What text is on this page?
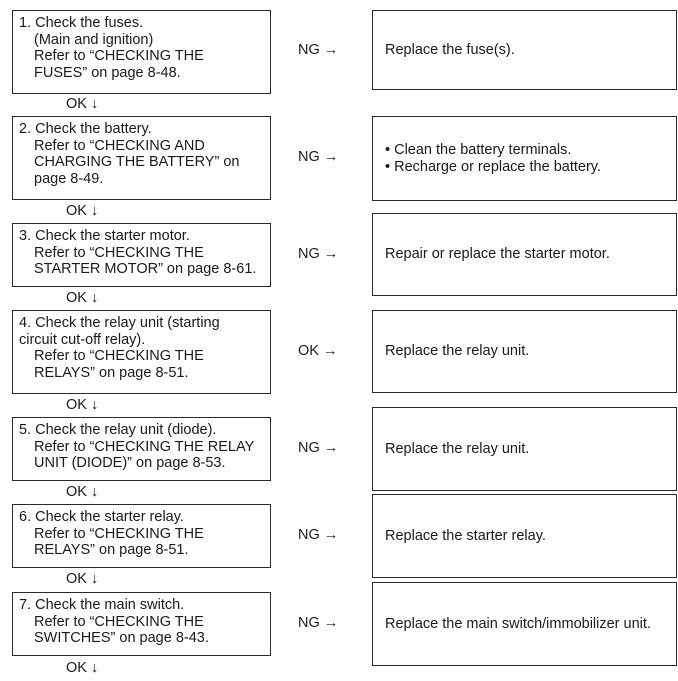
1. Check the fuses.
(Main and ignition)
Refer to “CHECKING THE
FUSES” on page 8-48.
NG →	Replace the fuse(s).
OK ↓
2. Check the battery.
Refer to “CHECKING AND
CHARGING THE BATTERY” on
page 8-49.
NG →	• Clean the battery terminals.
• Recharge or replace the battery.
OK ↓
3. Check the starter motor.
Refer to “CHECKING THE
STARTER MOTOR” on page 8-61.
NG →	Repair or replace the starter motor.
OK ↓
4. Check the relay unit (starting
circuit cut-off relay).
Refer to “CHECKING THE
RELAYS” on page 8-51.
OK →	Replace the relay unit.
OK ↓
5. Check the relay unit (diode).
Refer to “CHECKING THE RELAY
UNIT (DIODE)” on page 8-53.
NG →	Replace the relay unit.
OK ↓
6. Check the starter relay.
Refer to “CHECKING THE
RELAYS” on page 8-51.
NG →	Replace the starter relay.
OK ↓
7. Check the main switch.
Refer to “CHECKING THE
SWITCHES” on page 8-43.
NG →	Replace the main switch/immobilizer unit.
OK ↓
